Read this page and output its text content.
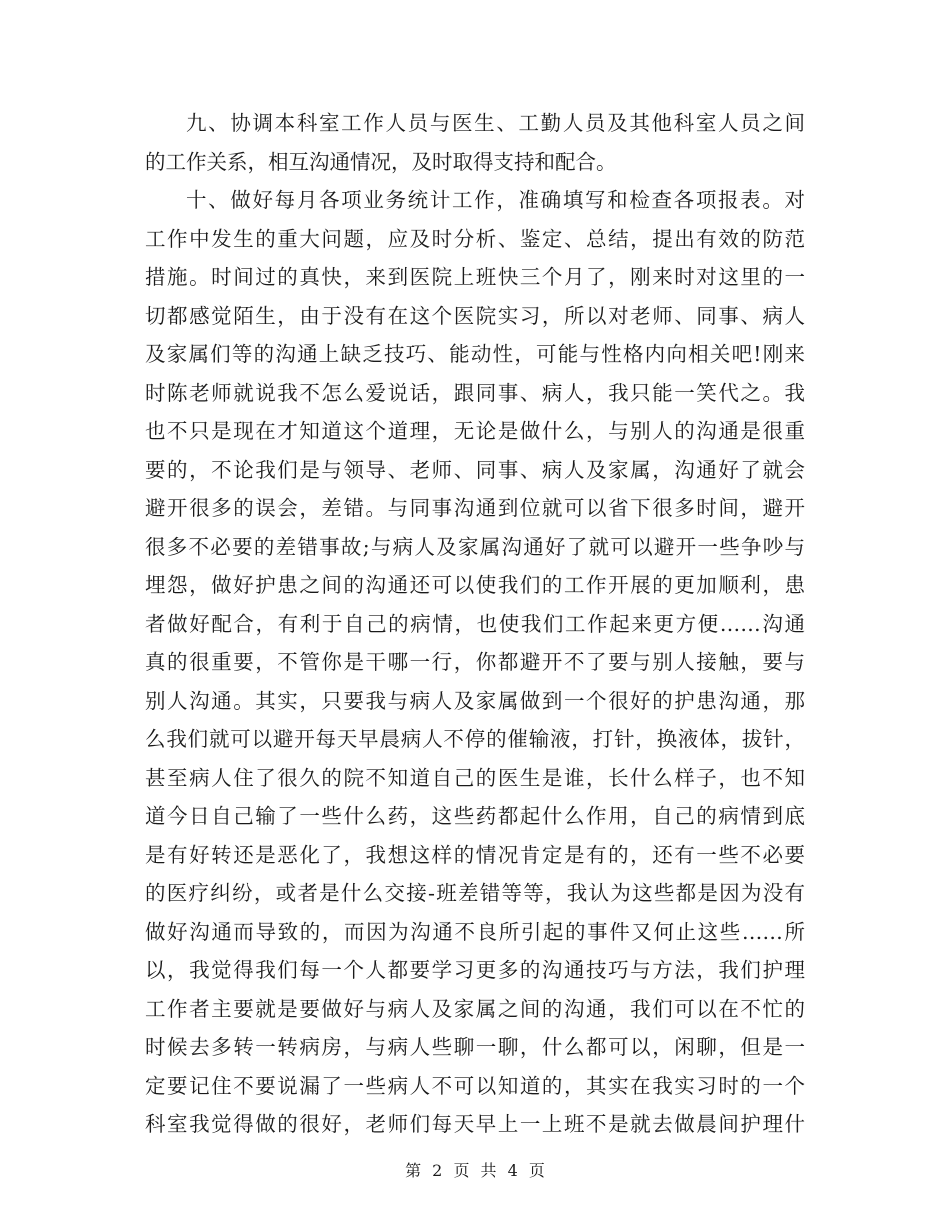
九、协调本科室工作人员与医生、工勤人员及其他科室人员之间
的工作关系，相互沟通情况，及时取得支持和配合。
十、做好每月各项业务统计工作，准确填写和检查各项报表。对
工作中发生的重大问题，应及时分析、鉴定、总结，提出有效的防范
措施。时间过的真快，来到医院上班快三个月了，刚来时对这里的一
切都感觉陌生，由于没有在这个医院实习，所以对老师、同事、病人
及家属们等的沟通上缺乏技巧、能动性，可能与性格内向相关吧!刚来
时陈老师就说我不怎么爱说话，跟同事、病人，我只能一笑代之。我
也不只是现在才知道这个道理，无论是做什么，与别人的沟通是很重
要的，不论我们是与领导、老师、同事、病人及家属，沟通好了就会
避开很多的误会，差错。与同事沟通到位就可以省下很多时间，避开
很多不必要的差错事故;与病人及家属沟通好了就可以避开一些争吵与
埋怨，做好护患之间的沟通还可以使我们的工作开展的更加顺利，患
者做好配合，有利于自己的病情，也使我们工作起来更方便……沟通
真的很重要，不管你是干哪一行，你都避开不了要与别人接触，要与
别人沟通。其实，只要我与病人及家属做到一个很好的护患沟通，那
么我们就可以避开每天早晨病人不停的催输液，打针，换液体，拔针，
甚至病人住了很久的院不知道自己的医生是谁，长什么样子，也不知
道今日自己输了一些什么药，这些药都起什么作用，自己的病情到底
是有好转还是恶化了，我想这样的情况肯定是有的，还有一些不必要
的医疗纠纷，或者是什么交接-班差错等等，我认为这些都是因为没有
做好沟通而导致的，而因为沟通不良所引起的事件又何止这些……所
以，我觉得我们每一个人都要学习更多的沟通技巧与方法，我们护理
工作者主要就是要做好与病人及家属之间的沟通，我们可以在不忙的
时候去多转一转病房，与病人些聊一聊，什么都可以，闲聊，但是一
定要记住不要说漏了一些病人不可以知道的，其实在我实习时的一个
科室我觉得做的很好，老师们每天早上一上班不是就去做晨间护理什
第 2 页 共 4 页
